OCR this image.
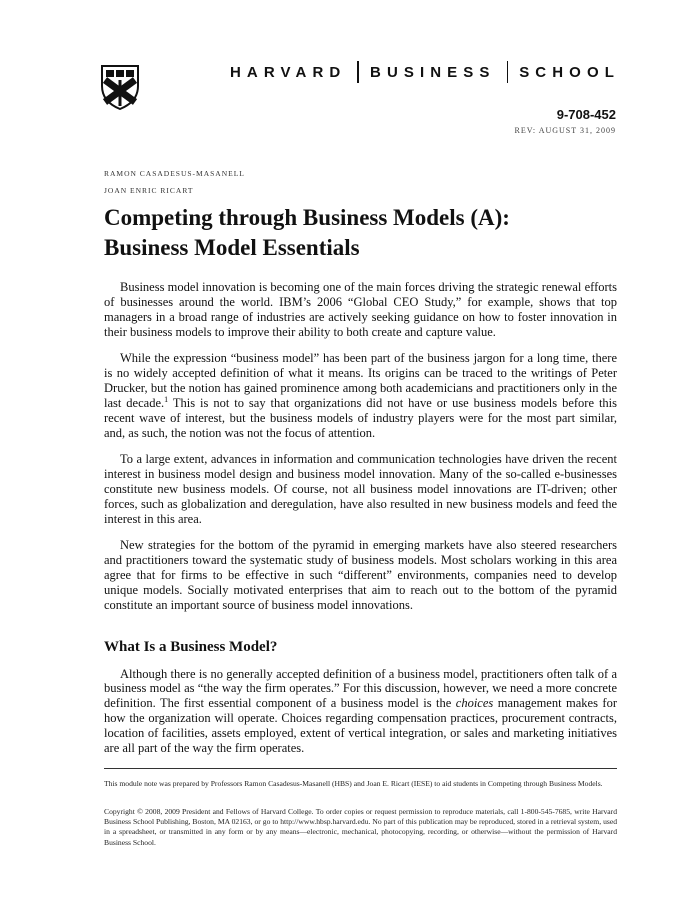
HARVARD BUSINESS SCHOOL
9-708-452
REV: AUGUST 31, 2009
RAMON CASADESUS-MASANELL
JOAN ENRIC RICART
Competing through Business Models (A):
Business Model Essentials

Business model innovation is becoming one of the main forces driving the strategic renewal efforts of businesses around the world. IBM’s 2006 “Global CEO Study,” for example, shows that top managers in a broad range of industries are actively seeking guidance on how to foster innovation in their business models to improve their ability to both create and capture value.

While the expression “business model” has been part of the business jargon for a long time, there is no widely accepted definition of what it means. Its origins can be traced to the writings of Peter Drucker, but the notion has gained prominence among both academicians and practitioners only in the last decade.$^1$ This is not to say that organizations did not have or use business models before this recent wave of interest, but the business models of industry players were for the most part similar, and, as such, the notion was not the focus of attention.

To a large extent, advances in information and communication technologies have driven the recent interest in business model design and business model innovation. Many of the so-called e-businesses constitute new business models. Of course, not all business model innovations are IT-driven; other forces, such as globalization and deregulation, have also resulted in new business models and feed the interest in this area.

New strategies for the bottom of the pyramid in emerging markets have also steered researchers and practitioners toward the systematic study of business models. Most scholars working in this area agree that for firms to be effective in such “different” environments, companies need to develop unique models. Socially motivated enterprises that aim to reach out to the bottom of the pyramid constitute an important source of business model innovations.

What Is a Business Model?

Although there is no generally accepted definition of a business model, practitioners often talk of a business model as “the way the firm operates.” For this discussion, however, we need a more concrete definition. The first essential component of a business model is the choices management makes for how the organization will operate. Choices regarding compensation practices, procurement contracts, location of facilities, assets employed, extent of vertical integration, or sales and marketing initiatives are all part of the way the firm operates.

This module note was prepared by Professors Ramon Casadesus-Masanell (HBS) and Joan E. Ricart (IESE) to aid students in Competing through Business Models.
Copyright © 2008, 2009 President and Fellows of Harvard College. To order copies or request permission to reproduce materials, call 1-800-545-7685, write Harvard Business School Publishing, Boston, MA 02163, or go to http://www.hbsp.harvard.edu. No part of this publication may be reproduced, stored in a retrieval system, used in a spreadsheet, or transmitted in any form or by any means—electronic, mechanical, photocopying, recording, or otherwise—without the permission of Harvard Business School.
